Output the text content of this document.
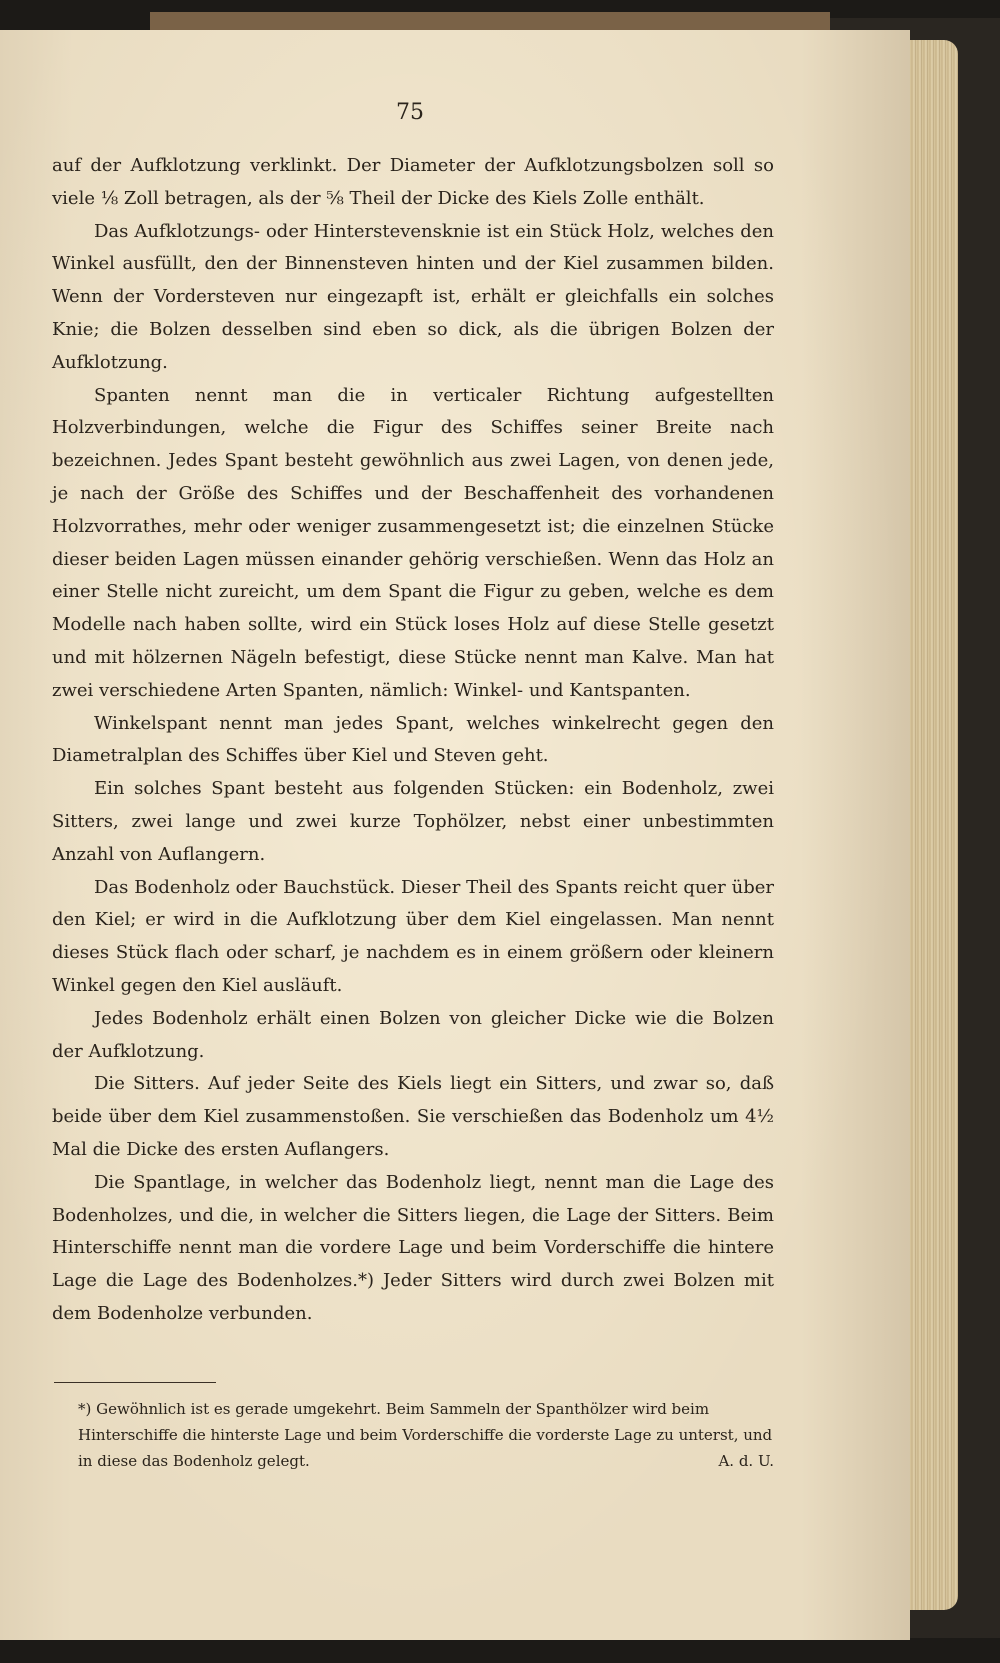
75

auf der Aufklotzung verklinkt. Der Diameter der Aufklotzungsbolzen soll so viele ⅛ Zoll betragen, als der ⅝ Theil der Dicke des Kiels Zolle enthält.

Das Aufklotzungs- oder Hinterstevensknie ist ein Stück Holz, welches den Winkel ausfüllt, den der Binnensteven hinten und der Kiel zusammen bilden. Wenn der Vordersteven nur eingezapft ist, erhält er gleichfalls ein solches Knie; die Bolzen desselben sind eben so dick, als die übrigen Bolzen der Aufklotzung.

Spanten nennt man die in verticaler Richtung aufgestellten Holzverbindungen, welche die Figur des Schiffes seiner Breite nach bezeichnen. Jedes Spant besteht gewöhnlich aus zwei Lagen, von denen jede, je nach der Größe des Schiffes und der Beschaffenheit des vorhandenen Holzvorrathes, mehr oder weniger zusammengesetzt ist; die einzelnen Stücke dieser beiden Lagen müssen einander gehörig verschießen. Wenn das Holz an einer Stelle nicht zureicht, um dem Spant die Figur zu geben, welche es dem Modelle nach haben sollte, wird ein Stück loses Holz auf diese Stelle gesetzt und mit hölzernen Nägeln befestigt, diese Stücke nennt man Kalve. Man hat zwei verschiedene Arten Spanten, nämlich: Winkel- und Kantspanten.

Winkelspant nennt man jedes Spant, welches winkelrecht gegen den Diametralplan des Schiffes über Kiel und Steven geht.

Ein solches Spant besteht aus folgenden Stücken: ein Bodenholz, zwei Sitters, zwei lange und zwei kurze Tophölzer, nebst einer unbestimmten Anzahl von Auflangern.

Das Bodenholz oder Bauchstück. Dieser Theil des Spants reicht quer über den Kiel; er wird in die Aufklotzung über dem Kiel eingelassen. Man nennt dieses Stück flach oder scharf, je nachdem es in einem größern oder kleinern Winkel gegen den Kiel ausläuft.

Jedes Bodenholz erhält einen Bolzen von gleicher Dicke wie die Bolzen der Aufklotzung.

Die Sitters. Auf jeder Seite des Kiels liegt ein Sitters, und zwar so, daß beide über dem Kiel zusammenstoßen. Sie verschießen das Bodenholz um 4½ Mal die Dicke des ersten Auflangers.

Die Spantlage, in welcher das Bodenholz liegt, nennt man die Lage des Bodenholzes, und die, in welcher die Sitters liegen, die Lage der Sitters. Beim Hinterschiffe nennt man die vordere Lage und beim Vorderschiffe die hintere Lage die Lage des Bodenholzes.*) Jeder Sitters wird durch zwei Bolzen mit dem Bodenholze verbunden.

*) Gewöhnlich ist es gerade umgekehrt. Beim Sammeln der Spanthölzer wird beim Hinterschiffe die hinterste Lage und beim Vorderschiffe die vorderste Lage zu unterst, und in diese das Bodenholz gelegt.	A. d. U.
